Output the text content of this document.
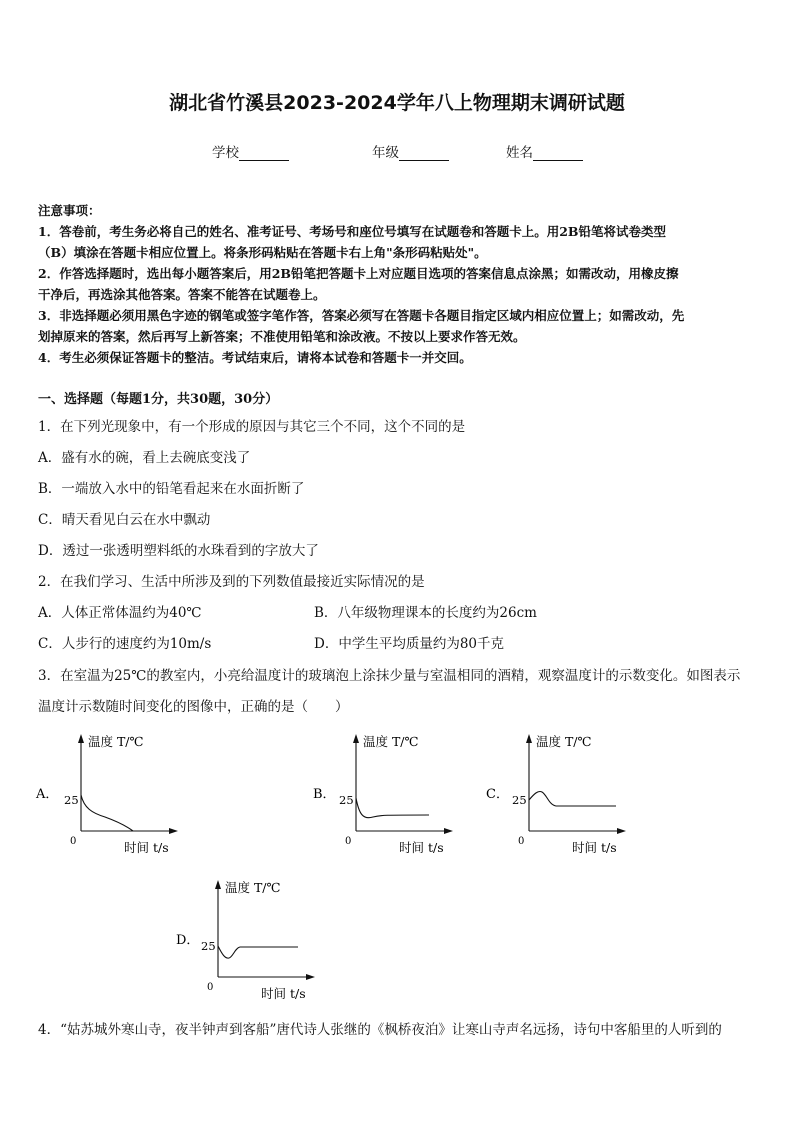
湖北省竹溪县2023-2024学年八上物理期末调研试题
学校	年级	姓名
注意事项：
1．答卷前，考生务必将自己的姓名、准考证号、考场号和座位号填写在试题卷和答题卡上。用2B铅笔将试卷类型
（B）填涂在答题卡相应位置上。将条形码粘贴在答题卡右上角"条形码粘贴处"。
2．作答选择题时，选出每小题答案后，用2B铅笔把答题卡上对应题目选项的答案信息点涂黑；如需改动，用橡皮擦
干净后，再选涂其他答案。答案不能答在试题卷上。
3．非选择题必须用黑色字迹的钢笔或签字笔作答，答案必须写在答题卡各题目指定区域内相应位置上；如需改动，先
划掉原来的答案，然后再写上新答案；不准使用铅笔和涂改液。不按以上要求作答无效。
4．考生必须保证答题卡的整洁。考试结束后，请将本试卷和答题卡一并交回。
一、选择题（每题1分，共30题，30分）
1．在下列光现象中，有一个形成的原因与其它三个不同，这个不同的是
A．盛有水的碗，看上去碗底变浅了
B．一端放入水中的铅笔看起来在水面折断了
C．晴天看见白云在水中飘动
D．透过一张透明塑料纸的水珠看到的字放大了
2．在我们学习、生活中所涉及到的下列数值最接近实际情况的是
A．人体正常体温约为40℃	B．八年级物理课本的长度约为26cm
C．人步行的速度约为10m/s	D．中学生平均质量约为80千克
3．在室温为25℃的教室内，小亮给温度计的玻璃泡上涂抹少量与室温相同的酒精，观察温度计的示数变化。如图表示
温度计示数随时间变化的图像中，正确的是（　　）
A．
温度 T/℃
25
0	时间 t/s
B．
温度 T/℃
25
0	时间 t/s
C．
温度 T/℃
25
0	时间 t/s
D．
温度 T/℃
25
0	时间 t/s
4．“姑苏城外寒山寺，夜半钟声到客船”唐代诗人张继的《枫桥夜泊》让寒山寺声名远扬，诗句中客船里的人听到的
